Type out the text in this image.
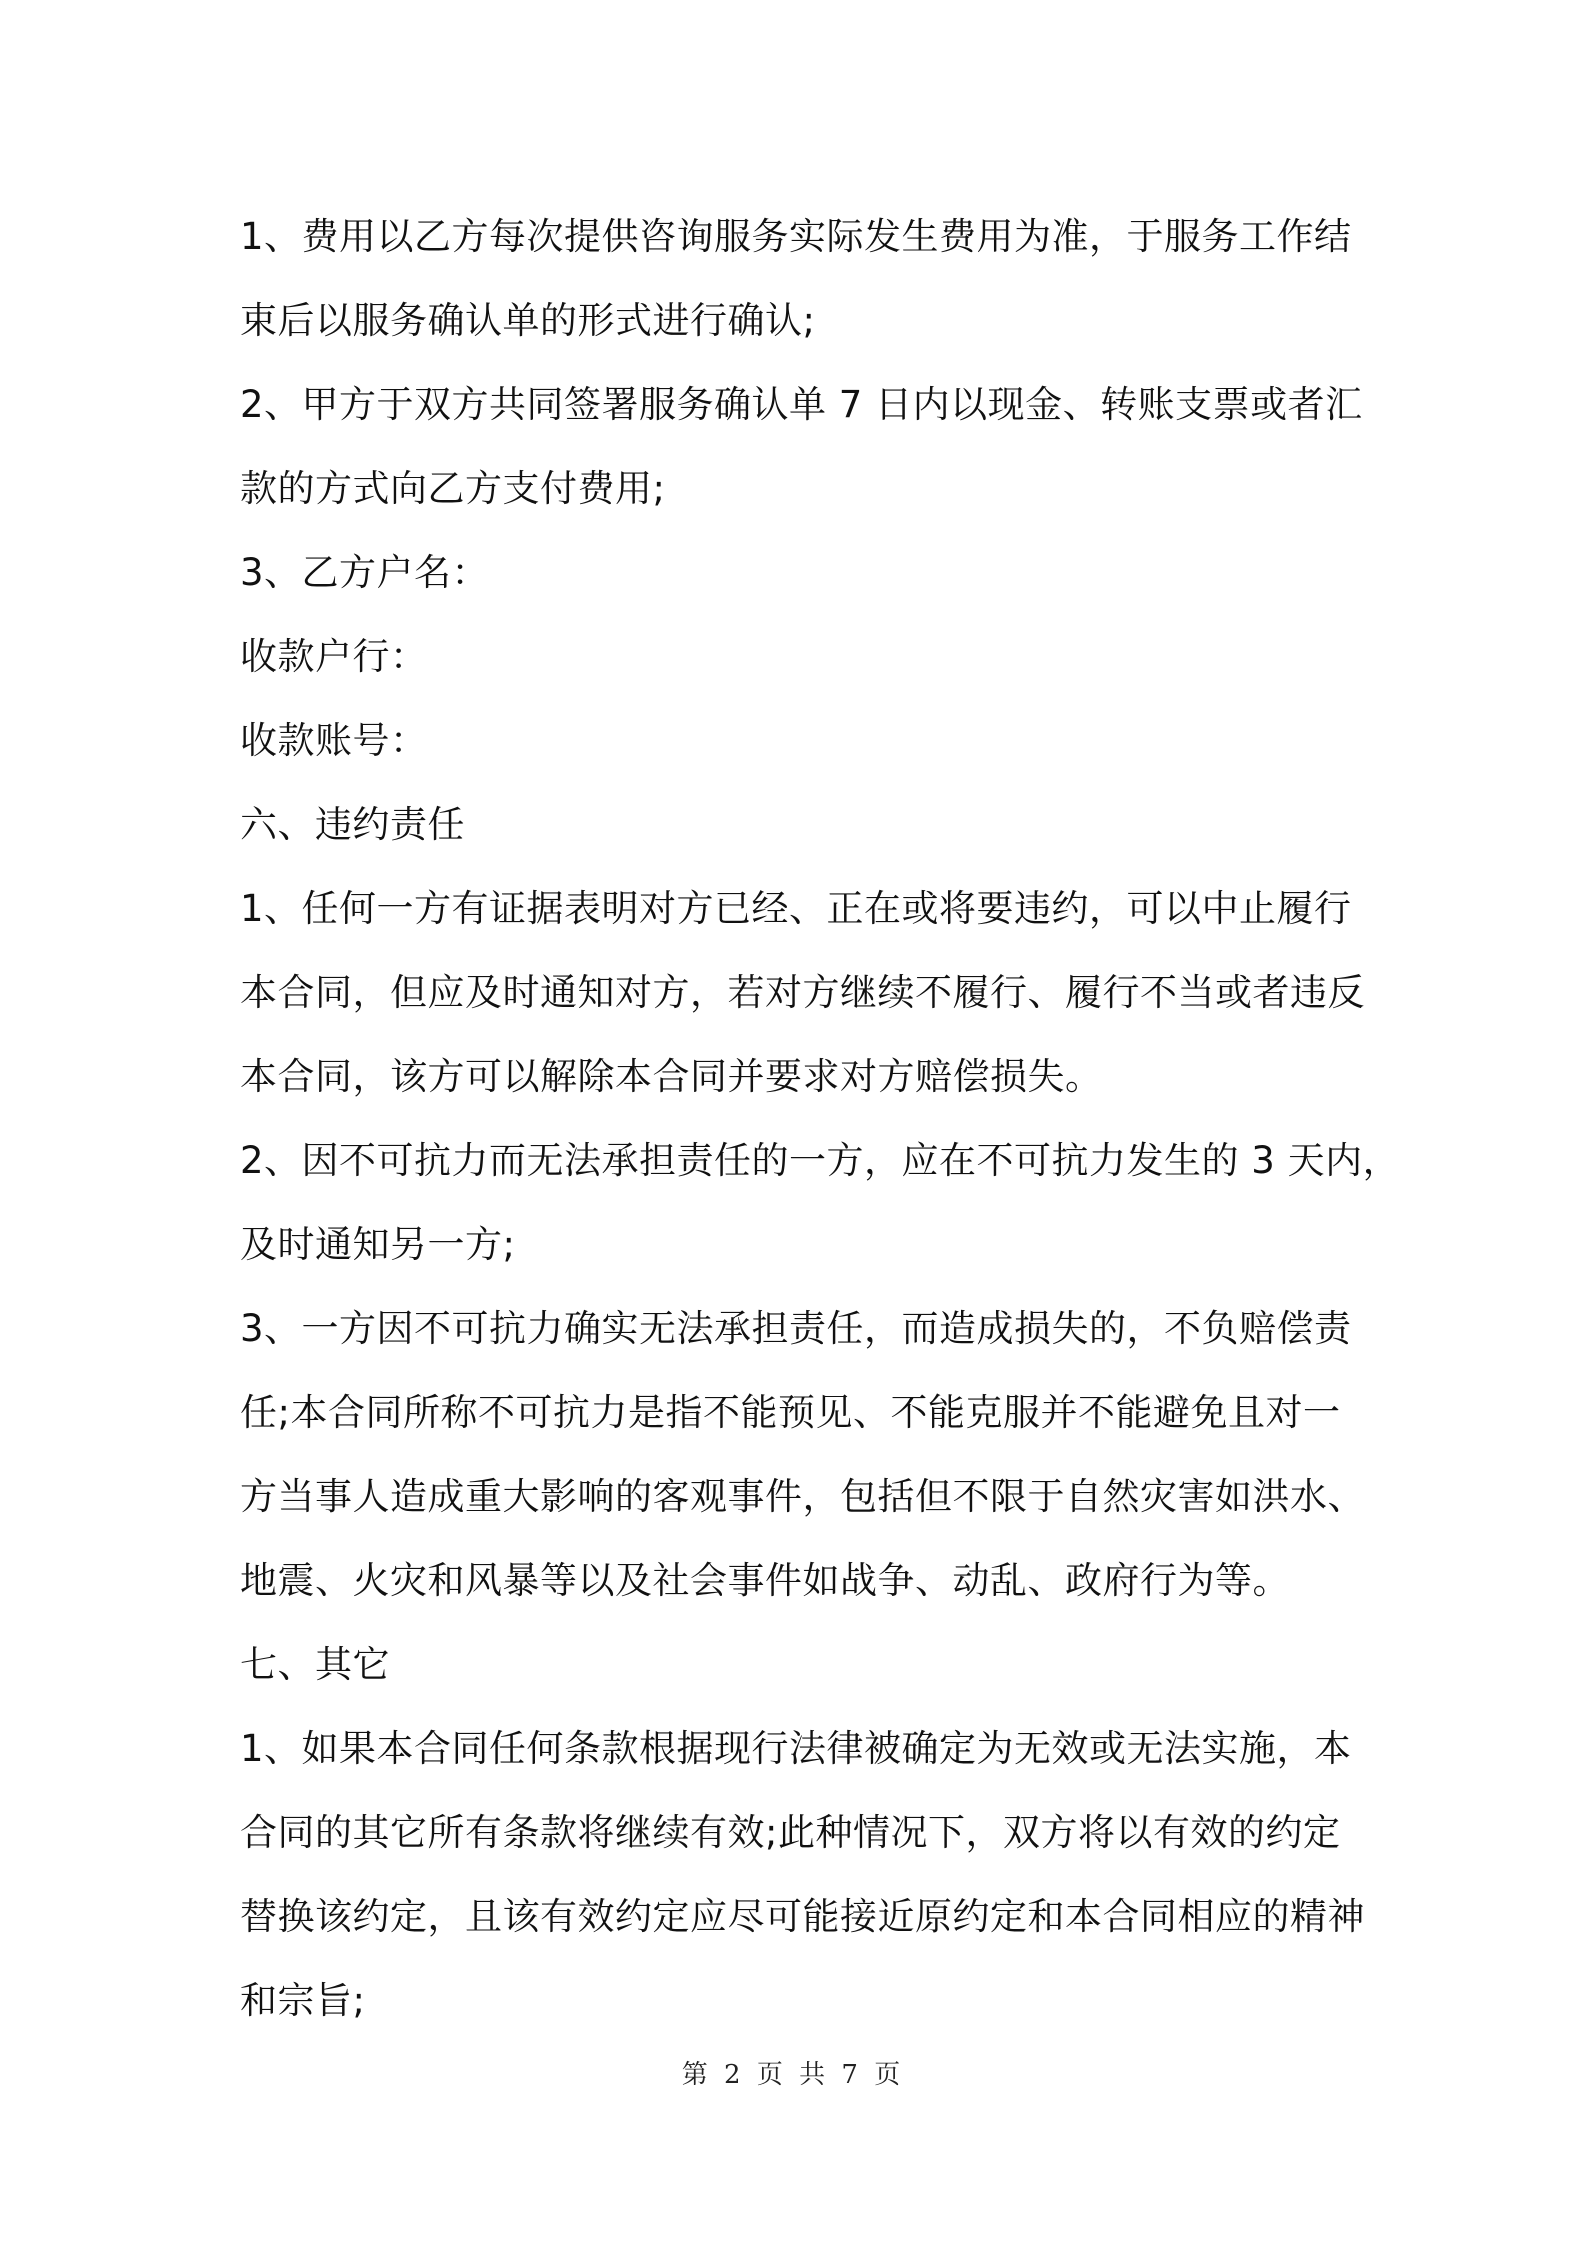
1、费用以乙方每次提供咨询服务实际发生费用为准，于服务工作结
束后以服务确认单的形式进行确认;
2、甲方于双方共同签署服务确认单 7 日内以现金、转账支票或者汇
款的方式向乙方支付费用;
3、乙方户名：
收款户行：
收款账号：
六、违约责任
1、任何一方有证据表明对方已经、正在或将要违约，可以中止履行
本合同，但应及时通知对方，若对方继续不履行、履行不当或者违反
本合同，该方可以解除本合同并要求对方赔偿损失。
2、因不可抗力而无法承担责任的一方，应在不可抗力发生的 3 天内，
及时通知另一方;
3、一方因不可抗力确实无法承担责任，而造成损失的，不负赔偿责
任;本合同所称不可抗力是指不能预见、不能克服并不能避免且对一
方当事人造成重大影响的客观事件，包括但不限于自然灾害如洪水、
地震、火灾和风暴等以及社会事件如战争、动乱、政府行为等。
七、其它
1、如果本合同任何条款根据现行法律被确定为无效或无法实施，本
合同的其它所有条款将继续有效;此种情况下，双方将以有效的约定
替换该约定，且该有效约定应尽可能接近原约定和本合同相应的精神
和宗旨;
第 2 页 共 7 页
